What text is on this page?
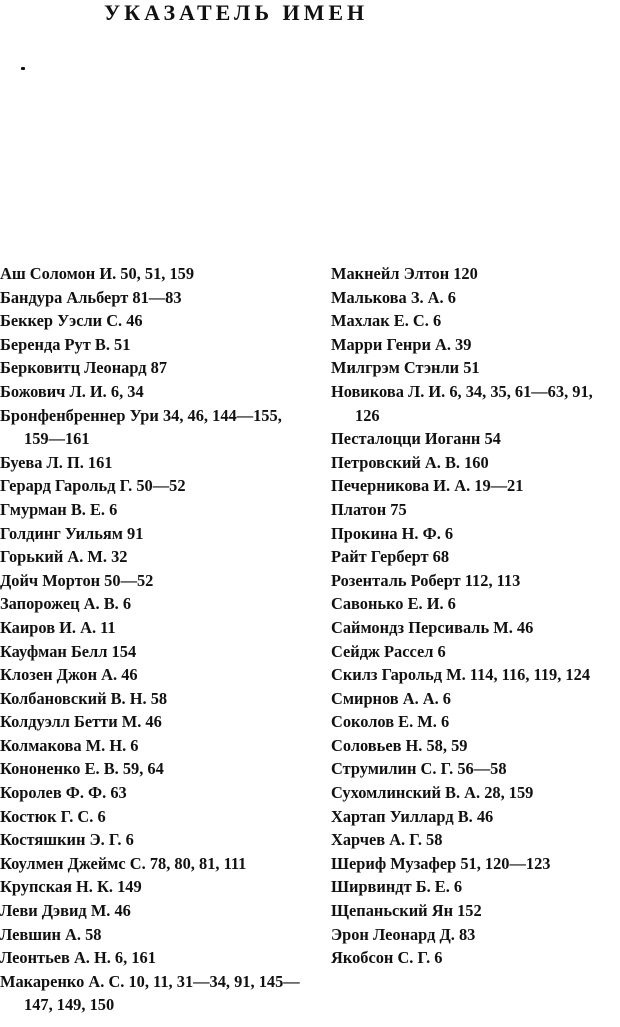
УКАЗАТЕЛЬ ИМЕН
Аш Соломон И. 50, 51, 159
Бандура Альберт 81—83
Беккер Уэсли С. 46
Беренда Рут В. 51
Берковитц Леонард 87
Божович Л. И. 6, 34
Бронфенбреннер Ури 34, 46, 144—155, 159—161
Буева Л. П. 161
Герард Гарольд Г. 50—52
Гмурман В. Е. 6
Голдинг Уильям 91
Горький А. М. 32
Дойч Мортон 50—52
Запорожец А. В. 6
Каиров И. А. 11
Кауфман Белл 154
Клозен Джон А. 46
Колбановский В. Н. 58
Колдуэлл Бетти М. 46
Колмакова М. Н. 6
Кононенко Е. В. 59, 64
Королев Ф. Ф. 63
Костюк Г. С. 6
Костяшкин Э. Г. 6
Коулмен Джеймс С. 78, 80, 81, 111
Крупская Н. К. 149
Леви Дэвид М. 46
Левшин А. 58
Леонтьев А. Н. 6, 161
Макаренко А. С. 10, 11, 31—34, 91, 145—147, 149, 150
Макнейл Элтон 120
Малькова З. А. 6
Махлак Е. С. 6
Марри Генри А. 39
Милгрэм Стэнли 51
Новикова Л. И. 6, 34, 35, 61—63, 91, 126
Песталоцци Иоганн 54
Петровский А. В. 160
Печерникова И. А. 19—21
Платон 75
Прокина Н. Ф. 6
Райт Герберт 68
Розенталь Роберт 112, 113
Савонько Е. И. 6
Саймондз Персиваль М. 46
Сейдж Рассел 6
Скилз Гарольд М. 114, 116, 119, 124
Смирнов А. А. 6
Соколов Е. М. 6
Соловьев Н. 58, 59
Струмилин С. Г. 56—58
Сухомлинский В. А. 28, 159
Хартап Уиллард В. 46
Харчев А. Г. 58
Шериф Музафер 51, 120—123
Ширвиндт Б. Е. 6
Щепаньский Ян 152
Эрон Леонард Д. 83
Якобсон С. Г. 6
